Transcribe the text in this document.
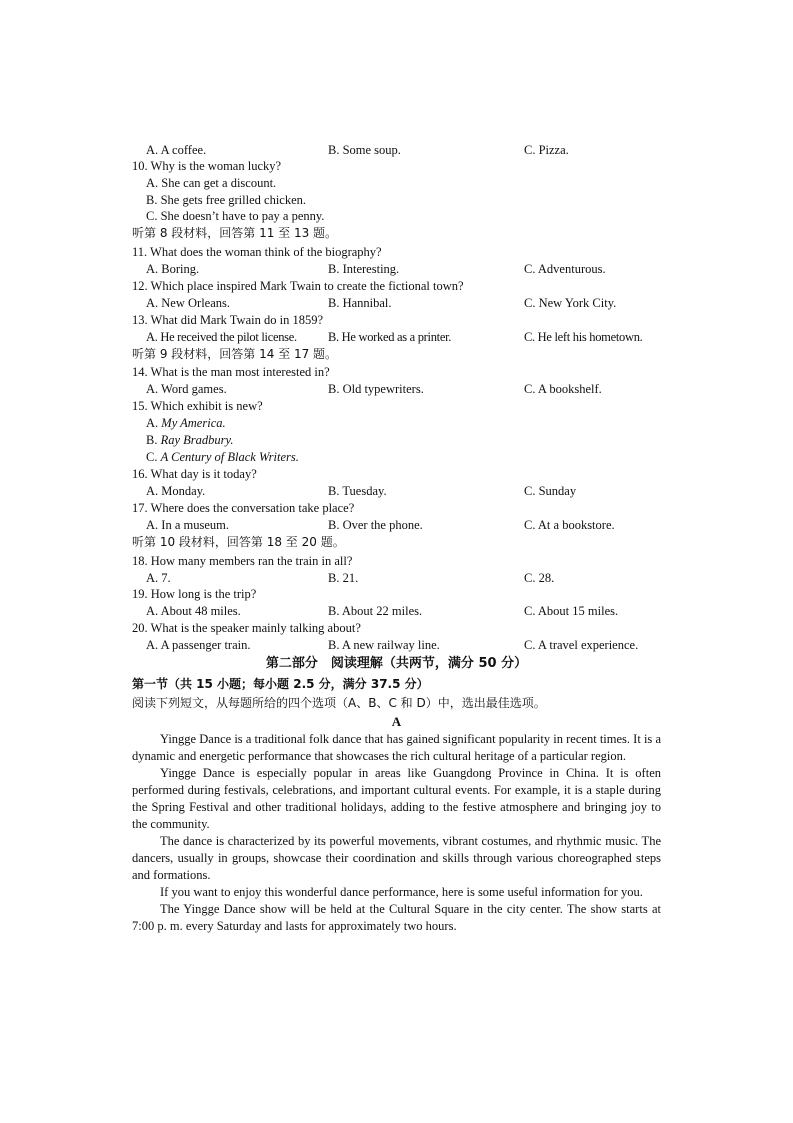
A. A coffee.	B. Some soup.	C. Pizza.
10. Why is the woman lucky?
A. She can get a discount.
B. She gets free grilled chicken.
C. She doesn’t have to pay a penny.
听第 8 段材料，回答第 11 至 13 题。
11. What does the woman think of the biography?
A. Boring.	B. Interesting.	C. Adventurous.
12. Which place inspired Mark Twain to create the fictional town?
A. New Orleans.	B. Hannibal.	C. New York City.
13. What did Mark Twain do in 1859?
A. He received the pilot license. B. He worked as a printer.	C. He left his hometown.
听第 9 段材料，回答第 14 至 17 题。
14. What is the man most interested in?
A. Word games.	B. Old typewriters.	C. A bookshelf.
15. Which exhibit is new?
A. My America.
B. Ray Bradbury.
C. A Century of Black Writers.
16. What day is it today?
A. Monday.	B. Tuesday.	C. Sunday
17. Where does the conversation take place?
A. In a museum.	B. Over the phone.	C. At a bookstore.
听第 10 段材料，回答第 18 至 20 题。
18. How many members ran the train in all?
A. 7.	B. 21.	C. 28.
19. How long is the trip?
A. About 48 miles.	B. About 22 miles.	C. About 15 miles.
20. What is the speaker mainly talking about?
A. A passenger train.	B. A new railway line.	C. A travel experience.
第二部分　阅读理解（共两节，满分 50 分）
第一节（共 15 小题；每小题 2.5 分，满分 37.5 分）
阅读下列短文，从每题所给的四个选项（A、B、C 和 D）中，选出最佳选项。
A

Yingge Dance is a traditional folk dance that has gained significant popularity in recent times. It is a dynamic and energetic performance that showcases the rich cultural heritage of a particular region.

Yingge Dance is especially popular in areas like Guangdong Province in China. It is often performed during festivals, celebrations, and important cultural events. For example, it is a staple during the Spring Festival and other traditional holidays, adding to the festive atmosphere and bringing joy to the community.

The dance is characterized by its powerful movements, vibrant costumes, and rhythmic music. The dancers, usually in groups, showcase their coordination and skills through various choreographed steps and formations.

If you want to enjoy this wonderful dance performance, here is some useful information for you.

The Yingge Dance show will be held at the Cultural Square in the city center. The show starts at 7:00 p. m. every Saturday and lasts for approximately two hours.
